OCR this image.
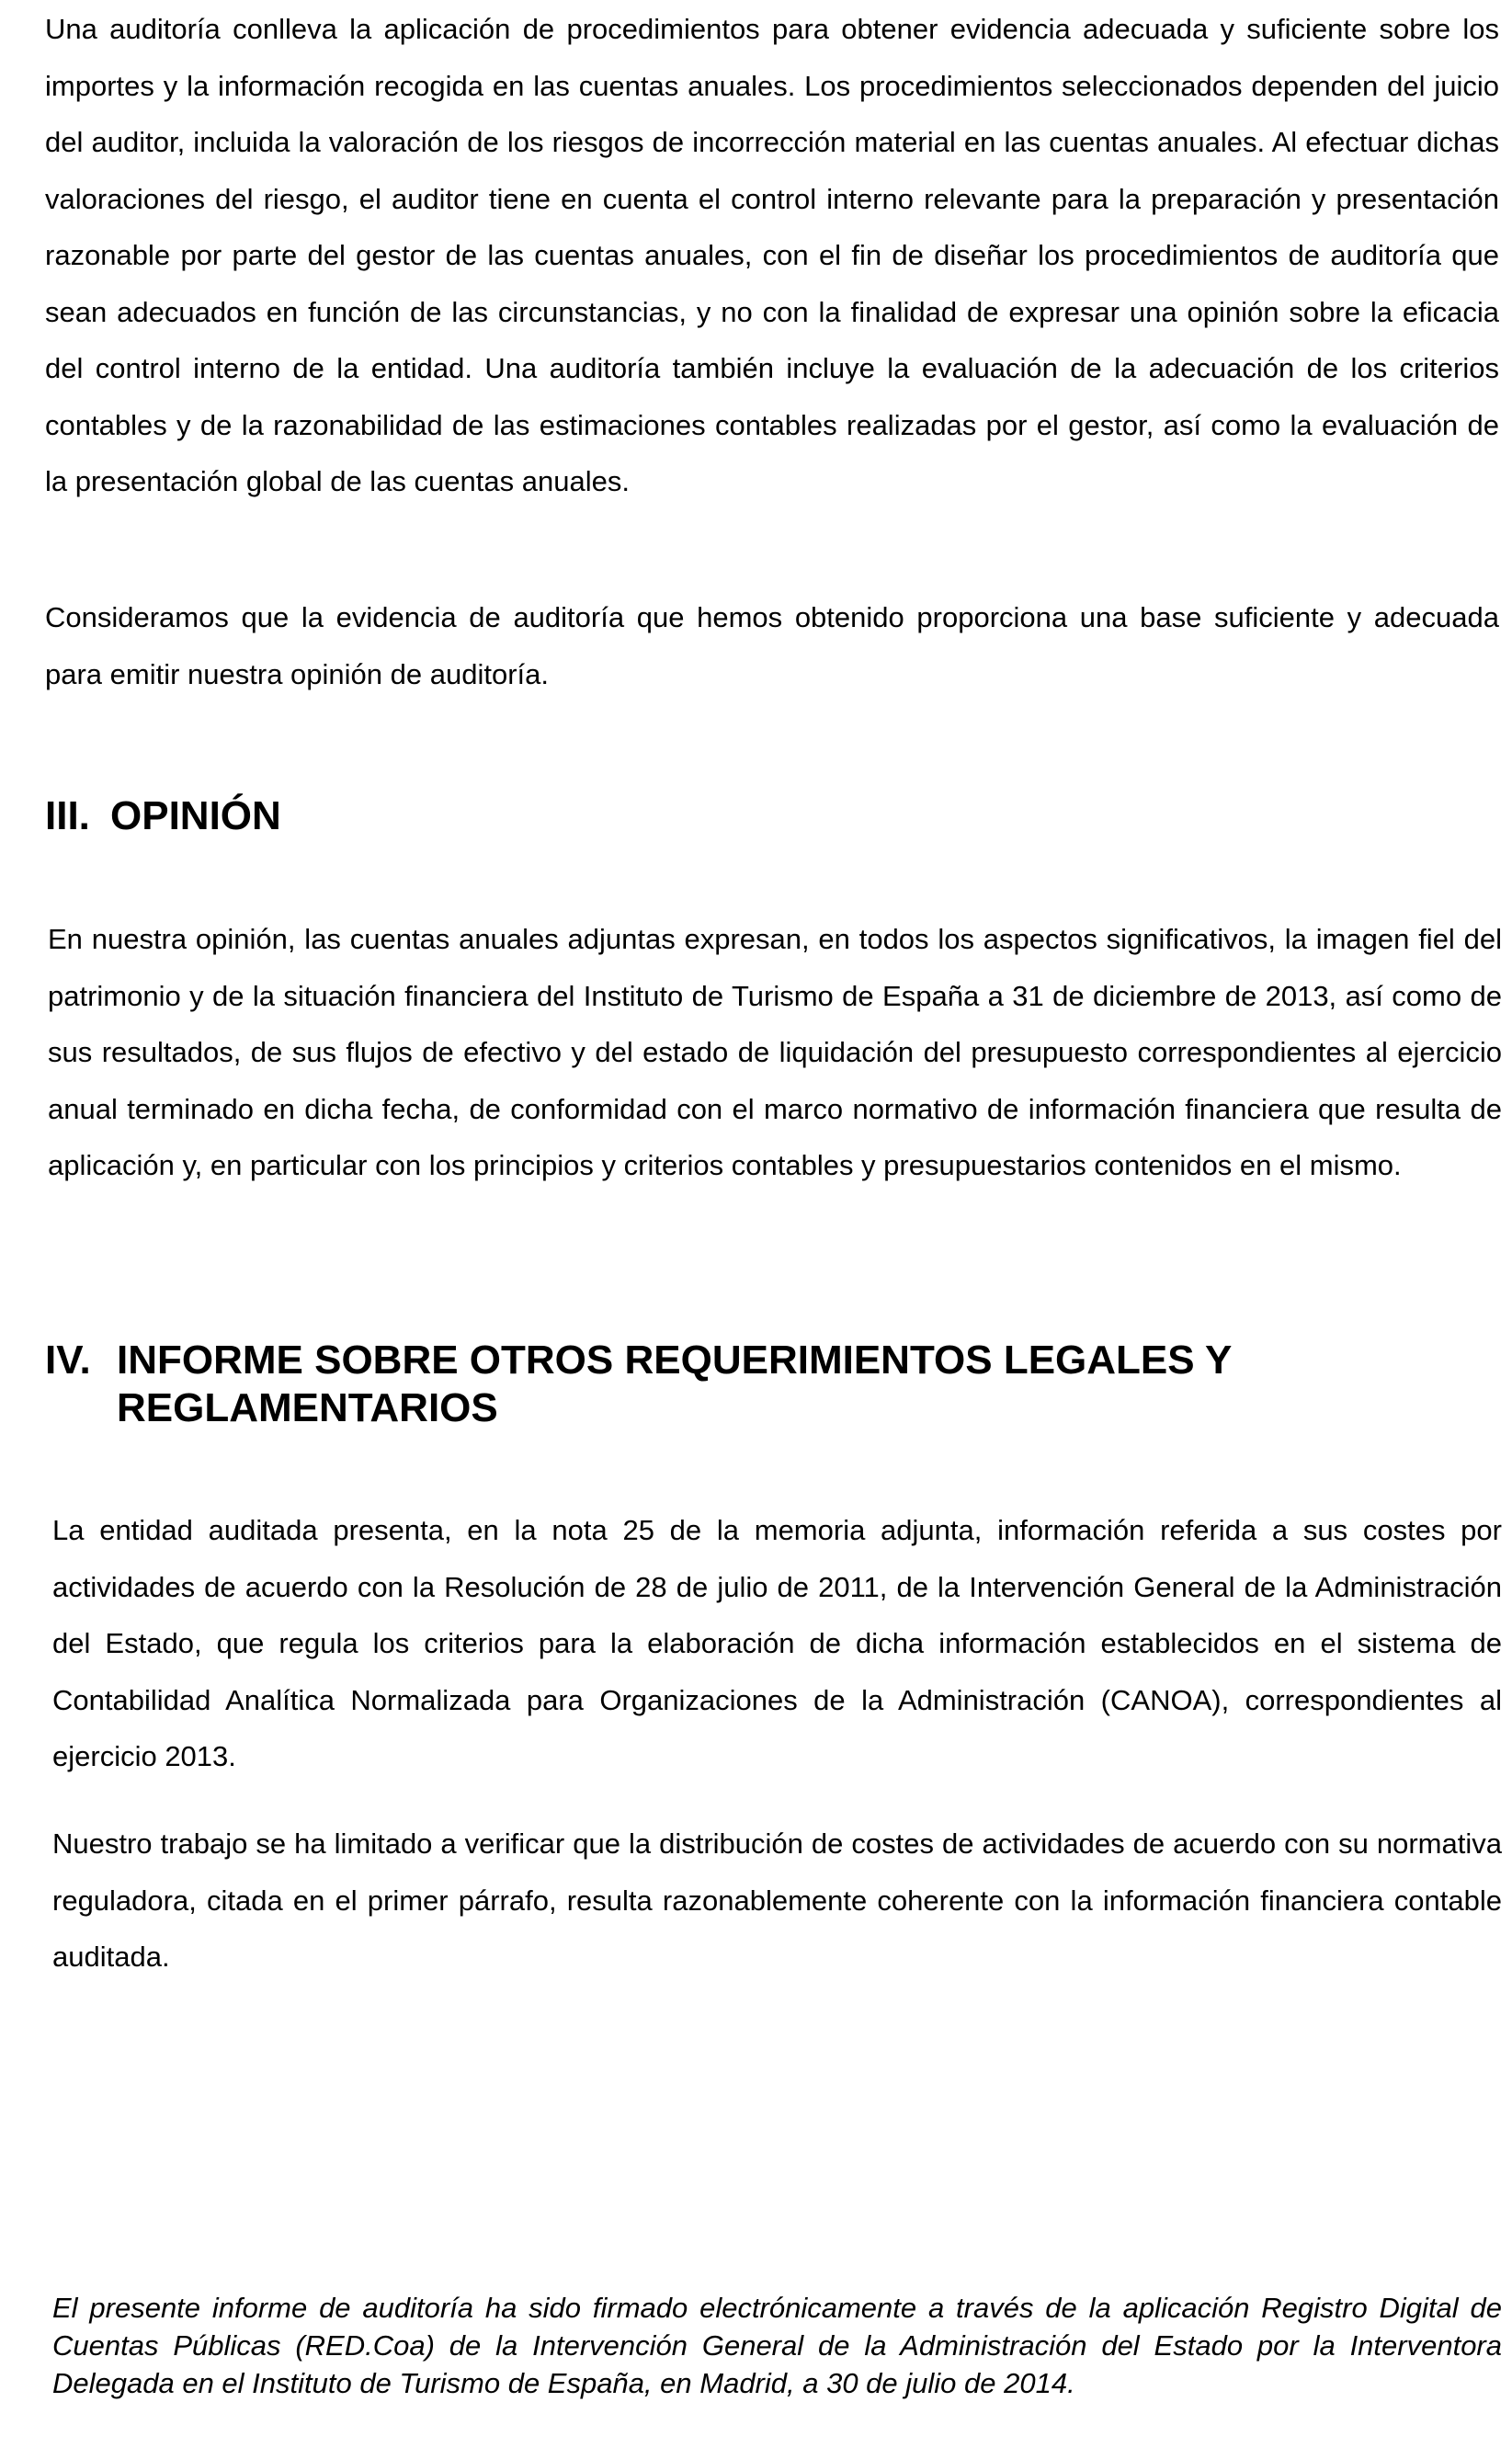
Una auditoría conlleva la aplicación de procedimientos para obtener evidencia adecuada y suficiente sobre los importes y la información recogida en las cuentas anuales. Los procedimientos seleccionados dependen del juicio del auditor, incluida la valoración de los riesgos de incorrección material en las cuentas anuales. Al efectuar dichas valoraciones del riesgo, el auditor tiene en cuenta el control interno relevante para la preparación y presentación razonable por parte del gestor de las cuentas anuales, con el fin de diseñar los procedimientos de auditoría que sean adecuados en función de las circunstancias, y no con la finalidad de expresar una opinión sobre la eficacia del control interno de la entidad. Una auditoría también incluye la evaluación de la adecuación de los criterios contables y de la razonabilidad de las estimaciones contables realizadas por el gestor, así como la evaluación de la presentación global de las cuentas anuales.

Consideramos que la evidencia de auditoría que hemos obtenido proporciona una base suficiente y adecuada para emitir nuestra opinión de auditoría.

III. OPINIÓN

En nuestra opinión, las cuentas anuales adjuntas expresan, en todos los aspectos significativos, la imagen fiel del patrimonio y de la situación financiera del Instituto de Turismo de España a 31 de diciembre de 2013, así como de sus resultados, de sus flujos de efectivo y del estado de liquidación del presupuesto correspondientes al ejercicio anual terminado en dicha fecha, de conformidad con el marco normativo de información financiera que resulta de aplicación y, en particular con los principios y criterios contables y presupuestarios contenidos en el mismo.

IV. INFORME SOBRE OTROS REQUERIMIENTOS LEGALES Y
REGLAMENTARIOS

La entidad auditada presenta, en la nota 25 de la memoria adjunta, información referida a sus costes por actividades de acuerdo con la Resolución de 28 de julio de 2011, de la Intervención General de la Administración del Estado, que regula los criterios para la elaboración de dicha información establecidos en el sistema de Contabilidad Analítica Normalizada para Organizaciones de la Administración (CANOA), correspondientes al ejercicio 2013.

Nuestro trabajo se ha limitado a verificar que la distribución de costes de actividades de acuerdo con su normativa reguladora, citada en el primer párrafo, resulta razonablemente coherente con la información financiera contable auditada.

El presente informe de auditoría ha sido firmado electrónicamente a través de la aplicación Registro Digital de Cuentas Públicas (RED.Coa) de la Intervención General de la Administración del Estado por la Interventora Delegada en el Instituto de Turismo de España, en Madrid, a 30 de julio de 2014.
